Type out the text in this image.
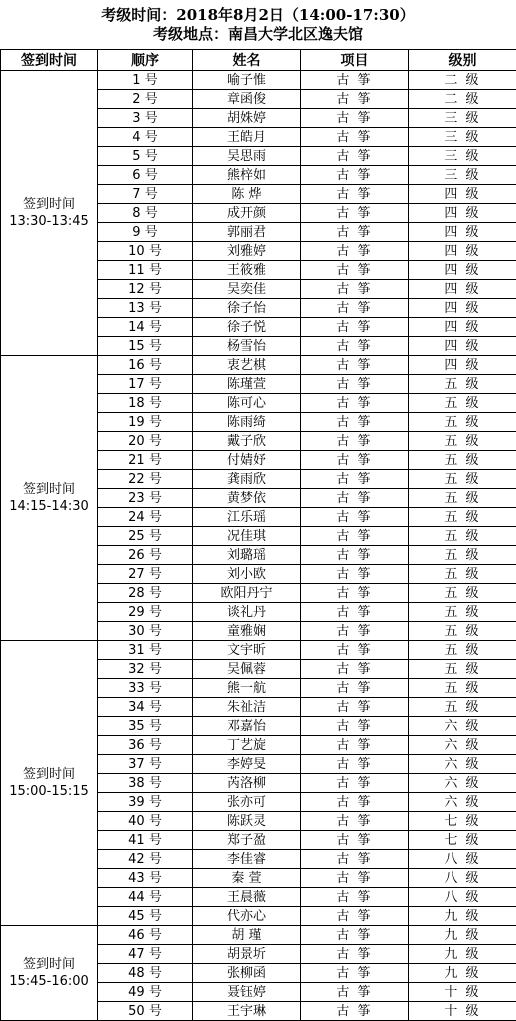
考级时间：2018年8月2日（14:00-17:30）
考级地点：南昌大学北区逸夫馆
签到时间	顺序	姓名	项目	级别

签到时间
13:30-13:45	1 号	喻子惟	古 筝	二 级
	2 号	章函俊	古 筝	二 级
	3 号	胡姝婷	古 筝	三 级
	4 号	王皓月	古 筝	三 级
	5 号	吴思雨	古 筝	三 级
	6 号	熊梓如	古 筝	三 级
	7 号	陈 烨	古 筝	四 级
	8 号	成开颜	古 筝	四 级
	9 号	郭丽君	古 筝	四 级
	10 号	刘雅婷	古 筝	四 级
	11 号	王筱雅	古 筝	四 级
	12 号	吴奕佳	古 筝	四 级
	13 号	徐子怡	古 筝	四 级
	14 号	徐子悦	古 筝	四 级
	15 号	杨雪怡	古 筝	四 级

签到时间
14:15-14:30	16 号	衷艺棋	古 筝	四 级
	17 号	陈瑾萱	古 筝	五 级
	18 号	陈可心	古 筝	五 级
	19 号	陈雨绮	古 筝	五 级
	20 号	戴子欣	古 筝	五 级
	21 号	付婧妤	古 筝	五 级
	22 号	龚雨欣	古 筝	五 级
	23 号	黄梦依	古 筝	五 级
	24 号	江乐瑶	古 筝	五 级
	25 号	况佳琪	古 筝	五 级
	26 号	刘璐瑶	古 筝	五 级
	27 号	刘小欧	古 筝	五 级
	28 号	欧阳丹宁	古 筝	五 级
	29 号	谈礼丹	古 筝	五 级
	30 号	童雅娴	古 筝	五 级

签到时间
15:00-15:15	31 号	文宇昕	古 筝	五 级
	32 号	吴佩蓉	古 筝	五 级
	33 号	熊一航	古 筝	五 级
	34 号	朱祉洁	古 筝	五 级
	35 号	邓嘉怡	古 筝	六 级
	36 号	丁艺旋	古 筝	六 级
	37 号	李婷旻	古 筝	六 级
	38 号	芮洛柳	古 筝	六 级
	39 号	张亦可	古 筝	六 级
	40 号	陈跃灵	古 筝	七 级
	41 号	郑子盈	古 筝	七 级
	42 号	李佳睿	古 筝	八 级
	43 号	秦 萱	古 筝	八 级
	44 号	王晨薇	古 筝	八 级
	45 号	代亦心	古 筝	九 级

签到时间
15:45-16:00	46 号	胡 瑾	古 筝	九 级
	47 号	胡景圻	古 筝	九 级
	48 号	张柳函	古 筝	九 级
	49 号	聂钰婷	古 筝	十 级
	50 号	王宇琳	古 筝	十 级
